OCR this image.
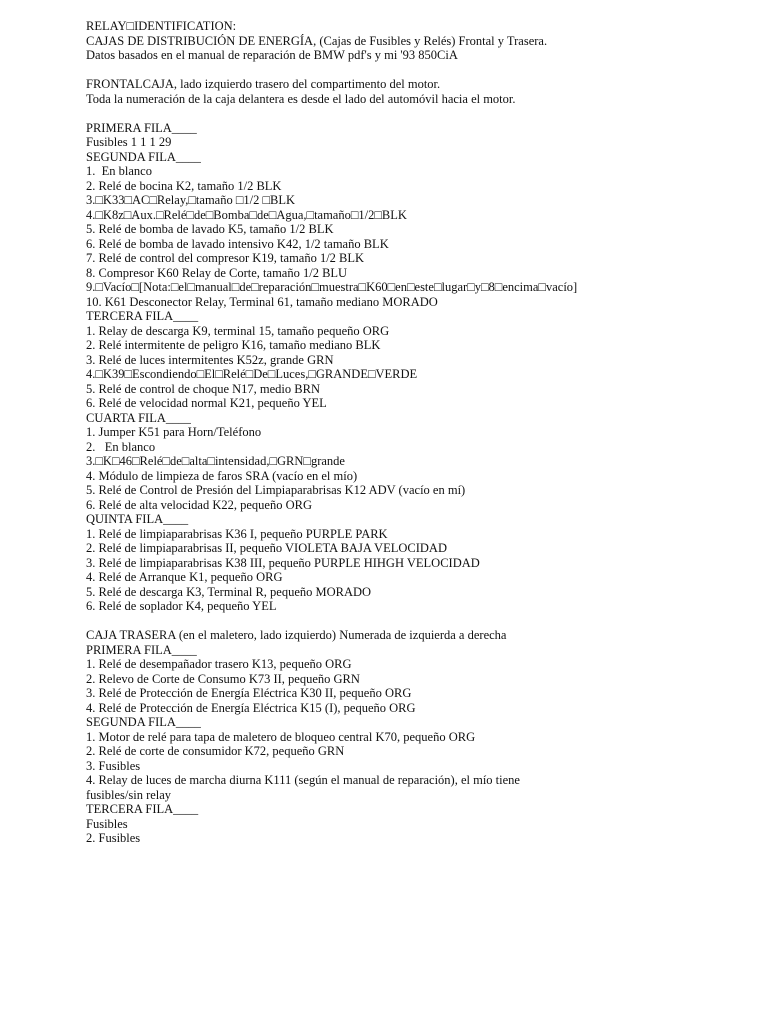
RELAY□IDENTIFICATION:
CAJAS DE DISTRIBUCIÓN DE ENERGÍA, (Cajas de Fusibles y Relés) Frontal y Trasera.
Datos basados en el manual de reparación de BMW pdf's y mi '93 850CiA
FRONTALCAJA, lado izquierdo trasero del compartimento del motor.
Toda la numeración de la caja delantera es desde el lado del automóvil hacia el motor.
PRIMERA FILA____
Fusibles 1 1 1 29
SEGUNDA FILA____
1.  En blanco
2. Relé de bocina K2, tamaño 1/2 BLK
3.□K33□AC□Relay,□tamaño □1/2 □BLK
4.□K8z□Aux.□Relé□de□Bomba□de□Agua,□tamaño□1/2□BLK
5. Relé de bomba de lavado K5, tamaño 1/2 BLK
6. Relé de bomba de lavado intensivo K42, 1/2 tamaño BLK
7. Relé de control del compresor K19, tamaño 1/2 BLK
8. Compresor K60 Relay de Corte, tamaño 1/2 BLU
9.□Vacío□[Nota:□el□manual□de□reparación□muestra□K60□en□este□lugar□y□8□encima□vacío]
10. K61 Desconector Relay, Terminal 61, tamaño mediano MORADO
TERCERA FILA____
1. Relay de descarga K9, terminal 15, tamaño pequeño ORG
2. Relé intermitente de peligro K16, tamaño mediano BLK
3. Relé de luces intermitentes K52z, grande GRN
4.□K39□Escondiendo□El□Relé□De□Luces,□GRANDE□VERDE
5. Relé de control de choque N17, medio BRN
6. Relé de velocidad normal K21, pequeño YEL
CUARTA FILA____
1. Jumper K51 para Horn/Teléfono
2.   En blanco
3.□K□46□Relé□de□alta□intensidad,□GRN□grande
4. Módulo de limpieza de faros SRA (vacío en el mío)
5. Relé de Control de Presión del Limpiaparabrisas K12 ADV (vacío en mí)
6. Relé de alta velocidad K22, pequeño ORG
QUINTA FILA____
1. Relé de limpiaparabrisas K36 I, pequeño PURPLE PARK
2. Relé de limpiaparabrisas II, pequeño VIOLETA BAJA VELOCIDAD
3. Relé de limpiaparabrisas K38 III, pequeño PURPLE HIHGH VELOCIDAD
4. Relé de Arranque K1, pequeño ORG
5. Relé de descarga K3, Terminal R, pequeño MORADO
6. Relé de soplador K4, pequeño YEL
CAJA TRASERA (en el maletero, lado izquierdo) Numerada de izquierda a derecha
PRIMERA FILA____
1. Relé de desempañador trasero K13, pequeño ORG
2. Relevo de Corte de Consumo K73 II, pequeño GRN
3. Relé de Protección de Energía Eléctrica K30 II, pequeño ORG
4. Relé de Protección de Energía Eléctrica K15 (I), pequeño ORG
SEGUNDA FILA____
1. Motor de relé para tapa de maletero de bloqueo central K70, pequeño ORG
2. Relé de corte de consumidor K72, pequeño GRN
3. Fusibles
4. Relay de luces de marcha diurna K111 (según el manual de reparación), el mío tiene
fusibles/sin relay
TERCERA FILA____
Fusibles
2. Fusibles
